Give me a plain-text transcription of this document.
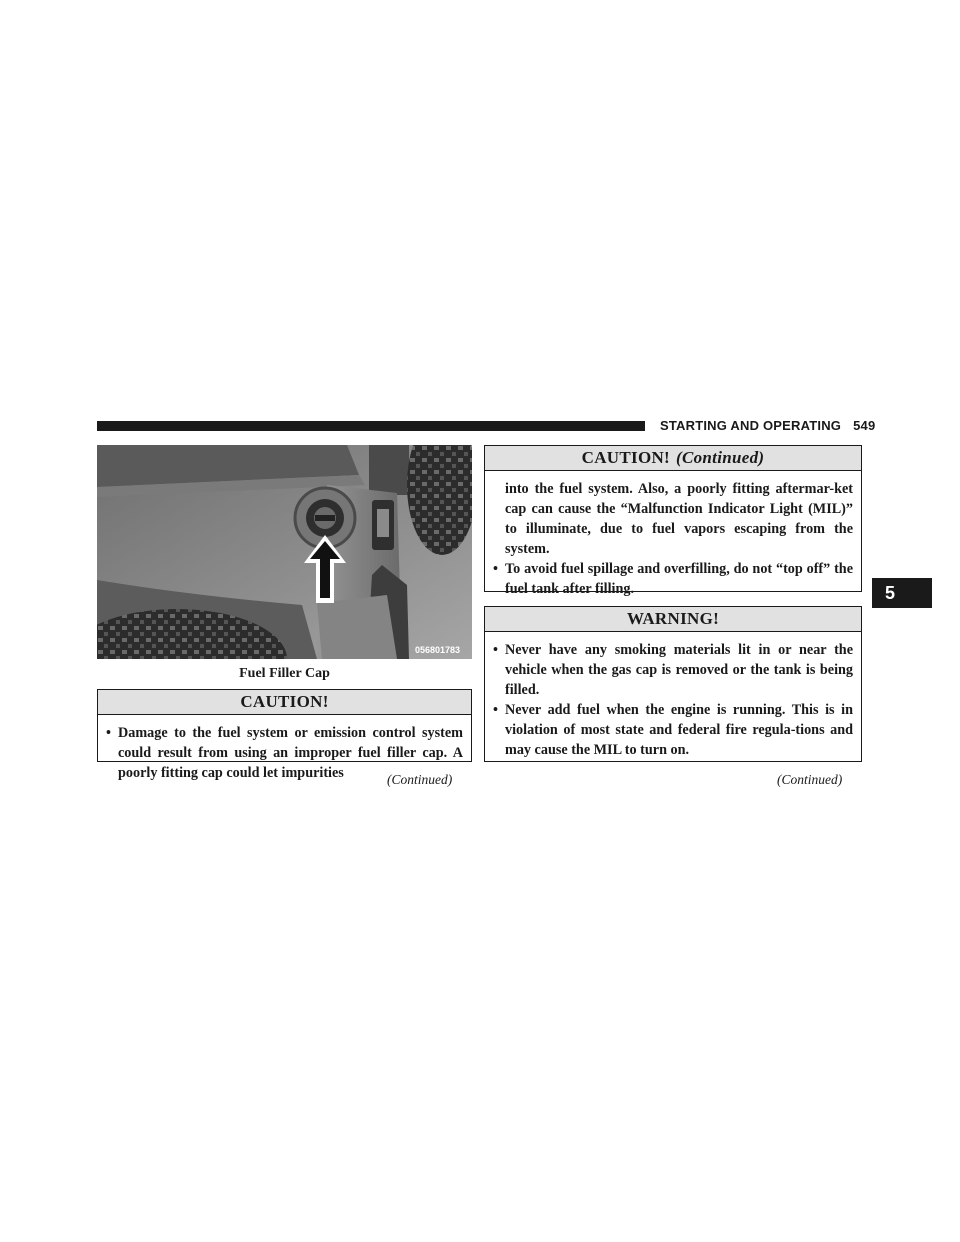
STARTING AND OPERATING 549
5
056801783
Fuel Filler Cap
CAUTION!
• Damage to the fuel system or emission control system could result from using an improper fuel filler cap. A poorly fitting cap could let impurities	(Continued)
CAUTION! (Continued)
into the fuel system. Also, a poorly fitting aftermar-ket cap can cause the “Malfunction Indicator Light (MIL)” to illuminate, due to fuel vapors escaping from the system.
• To avoid fuel spillage and overfilling, do not “top off” the fuel tank after filling.
WARNING!
• Never have any smoking materials lit in or near the vehicle when the gas cap is removed or the tank is being filled.
• Never add fuel when the engine is running. This is in violation of most state and federal fire regula-tions and may cause the MIL to turn on.
(Continued)
